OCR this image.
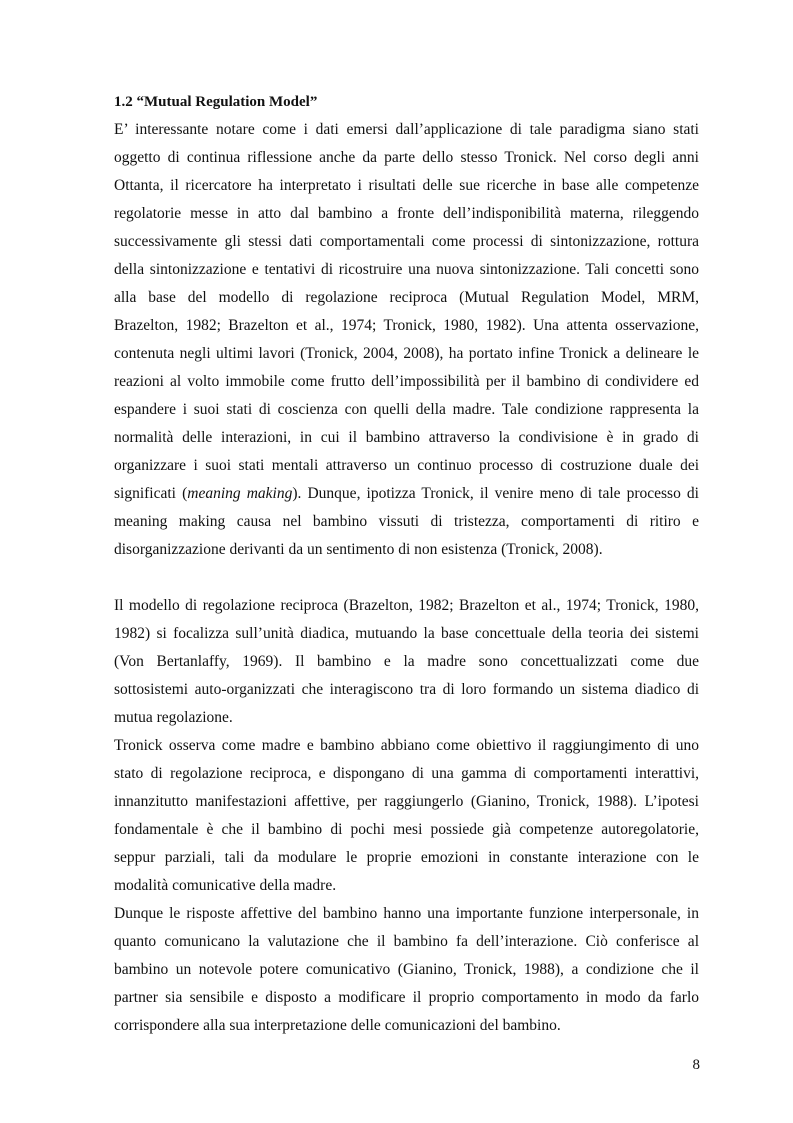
1.2 “Mutual Regulation Model”
E’ interessante notare come i dati emersi dall’applicazione di tale paradigma siano stati
oggetto di continua riflessione anche da parte dello stesso Tronick. Nel corso degli anni
Ottanta, il ricercatore ha interpretato i risultati delle sue ricerche in base alle competenze
regolatorie messe in atto dal bambino a fronte dell’indisponibilità materna, rileggendo
successivamente gli stessi dati comportamentali come processi di sintonizzazione, rottura
della sintonizzazione e tentativi di ricostruire una nuova sintonizzazione. Tali concetti sono
alla base del modello di regolazione reciproca (Mutual Regulation Model, MRM,
Brazelton, 1982; Brazelton et al., 1974; Tronick, 1980, 1982). Una attenta osservazione,
contenuta negli ultimi lavori (Tronick, 2004, 2008), ha portato infine Tronick a delineare le
reazioni al volto immobile come frutto dell’impossibilità per il bambino di condividere ed
espandere i suoi stati di coscienza con quelli della madre. Tale condizione rappresenta la
normalità delle interazioni, in cui il bambino attraverso la condivisione è in grado di
organizzare i suoi stati mentali attraverso un continuo processo di costruzione duale dei
significati (meaning making). Dunque, ipotizza Tronick, il venire meno di tale processo di
meaning making causa nel bambino vissuti di tristezza, comportamenti di ritiro e
disorganizzazione derivanti da un sentimento di non esistenza (Tronick, 2008).
Il modello di regolazione reciproca (Brazelton, 1982; Brazelton et al., 1974; Tronick, 1980,
1982) si focalizza sull’unità diadica, mutuando la base concettuale della teoria dei sistemi
(Von Bertanlaffy, 1969). Il bambino e la madre sono concettualizzati come due
sottosistemi auto-organizzati che interagiscono tra di loro formando un sistema diadico di
mutua regolazione.
Tronick osserva come madre e bambino abbiano come obiettivo il raggiungimento di uno
stato di regolazione reciproca, e dispongano di una gamma di comportamenti interattivi,
innanzitutto manifestazioni affettive, per raggiungerlo (Gianino, Tronick, 1988). L’ipotesi
fondamentale è che il bambino di pochi mesi possiede già competenze autoregolatorie,
seppur parziali, tali da modulare le proprie emozioni in constante interazione con le
modalità comunicative della madre.
Dunque le risposte affettive del bambino hanno una importante funzione interpersonale, in
quanto comunicano la valutazione che il bambino fa dell’interazione. Ciò conferisce al
bambino un notevole potere comunicativo (Gianino, Tronick, 1988), a condizione che il
partner sia sensibile e disposto a modificare il proprio comportamento in modo da farlo
corrispondere alla sua interpretazione delle comunicazioni del bambino.
8
